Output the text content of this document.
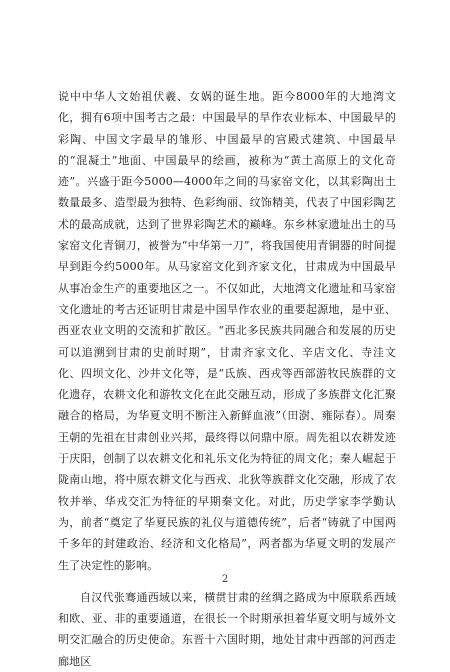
说中中华人文始祖伏羲、女娲的诞生地。距今8000年的大地湾文化，拥有6项中国考古之最：中国最早的旱作农业标本、中国最早的彩陶、中国文字最早的雏形、中国最早的宫殿式建筑、中国最早的“混凝土”地面、中国最早的绘画，被称为“黄土高原上的文化奇迹”。兴盛于距今5000—4000年之间的马家窑文化，以其彩陶出土数量最多、造型最为独特、色彩绚丽、纹饰精美，代表了中国彩陶艺术的最高成就，达到了世界彩陶艺术的巅峰。东乡林家遗址出土的马家窑文化青铜刀，被誉为“中华第一刀”，将我国使用青铜器的时间提早到距今约5000年。从马家窑文化到齐家文化，甘肃成为中国最早从事冶金生产的重要地区之一。不仅如此，大地湾文化遗址和马家窑文化遗址的考古还证明甘肃是中国旱作农业的重要起源地，是中亚、西亚农业文明的交流和扩散区。“西北多民族共同融合和发展的历史可以追溯到甘肃的史前时期”，甘肃齐家文化、辛店文化、寺洼文化、四坝文化、沙井文化等，是“氐族、西戎等西部游牧民族群的文化遗存，农耕文化和游牧文化在此交融互动，形成了多族群文化汇聚融合的格局，为华夏文明不断注入新鲜血液”（田澍、雍际春）。周秦王朝的先祖在甘肃创业兴邦，最终得以问鼎中原。周先祖以农耕发迹于庆阳，创制了以农耕文化和礼乐文化为特征的周文化；秦人崛起于陇南山地，将中原农耕文化与西戎、北狄等族群文化交融，形成了农牧并举、华戎交汇为特征的早期秦文化。对此，历史学家李学勤认为，前者“奠定了华夏民族的礼仪与道德传统”，后者“铸就了中国两千多年的封建政治、经济和文化格局”，两者都为华夏文明的发展产生了决定性的影响。

自汉代张骞通西域以来，横贯甘肃的丝绸之路成为中原联系西域和欧、亚、非的重要通道，在很长一个时期承担着华夏文明与域外文明交汇融合的历史使命。东晋十六国时期，地处甘肃中西部的河西走廊地区

2
